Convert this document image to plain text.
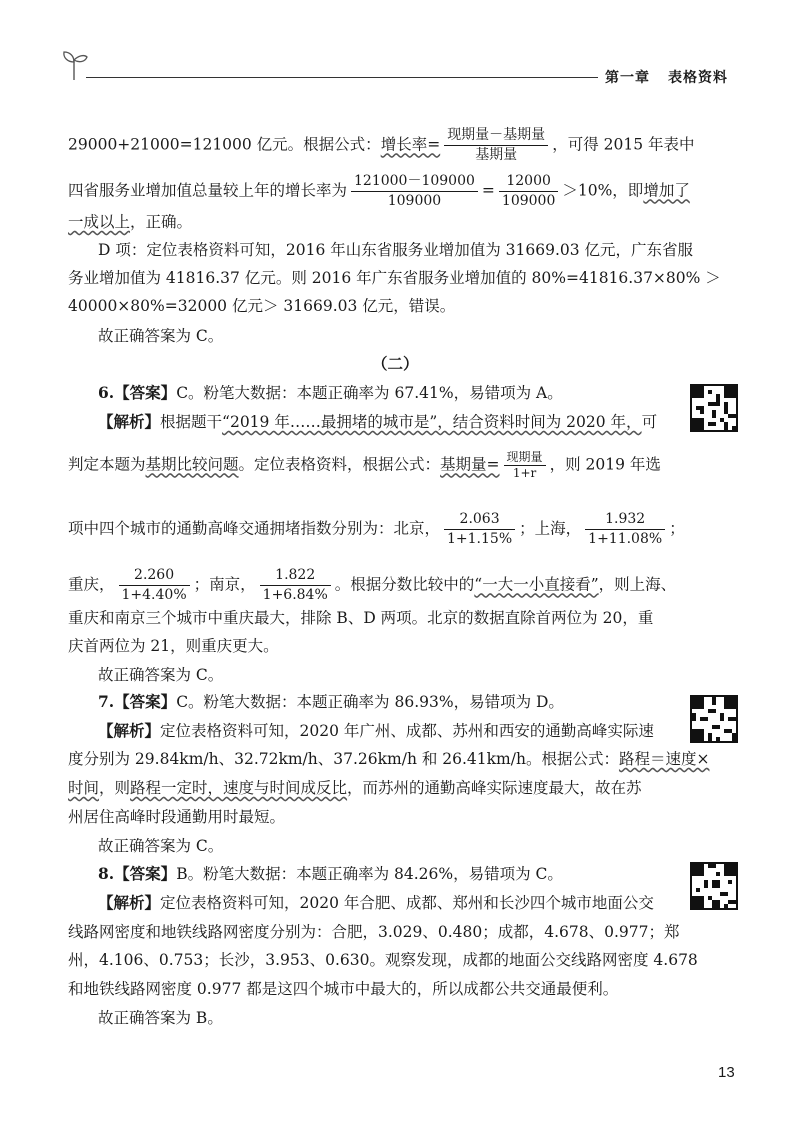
第一章 表格资料
29000+21000=121000 亿元。根据公式：增长率= $\frac{\text{现期量－基期量}}{\text{基期量}}$ ，可得 2015 年表中
四省服务业增加值总量较上年的增长率为 $\frac{121000-109000}{109000} = \frac{12000}{109000} >10\%$，即增加了
一成以上，正确。
D 项：定位表格资料可知，2016 年山东省服务业增加值为 31669.03 亿元，广东省服
务业增加值为 41816.37 亿元。则 2016 年广东省服务业增加值的 80%=41816.37×80% ＞
40000×80%=32000 亿元＞ 31669.03 亿元，错误。
故正确答案为 C。
（二）
6.【答案】C。粉笔大数据：本题正确率为 67.41%，易错项为 A。
【解析】根据题干“2019 年……最拥堵的城市是”，结合资料时间为 2020 年，可
判定本题为基期比较问题。定位表格资料，根据公式：基期量= $\frac{\text{现期量}}{1+r}$ ，则 2019 年选
项中四个城市的通勤高峰交通拥堵指数分别为：北京， $\frac{2.063}{1+1.15\%}$ ；上海， $\frac{1.932}{1+11.08\%}$ ；
重庆， $\frac{2.260}{1+4.40\%}$ ；南京， $\frac{1.822}{1+6.84\%}$ 。根据分数比较中的“一大一小直接看”，则上海、
重庆和南京三个城市中重庆最大，排除 B、D 两项。北京的数据直除首两位为 20，重
庆首两位为 21，则重庆更大。
故正确答案为 C。
7.【答案】C。粉笔大数据：本题正确率为 86.93%，易错项为 D。
【解析】定位表格资料可知，2020 年广州、成都、苏州和西安的通勤高峰实际速
度分别为 29.84km/h、32.72km/h、37.26km/h 和 26.41km/h。根据公式：路程＝速度×
时间，则路程一定时，速度与时间成反比，而苏州的通勤高峰实际速度最大，故在苏
州居住高峰时段通勤用时最短。
故正确答案为 C。
8.【答案】B。粉笔大数据：本题正确率为 84.26%，易错项为 C。
【解析】定位表格资料可知，2020 年合肥、成都、郑州和长沙四个城市地面公交
线路网密度和地铁线路网密度分别为：合肥，3.029、0.480；成都，4.678、0.977；郑
州，4.106、0.753；长沙，3.953、0.630。观察发现，成都的地面公交线路网密度 4.678
和地铁线路网密度 0.977 都是这四个城市中最大的，所以成都公共交通最便利。
故正确答案为 B。
13
